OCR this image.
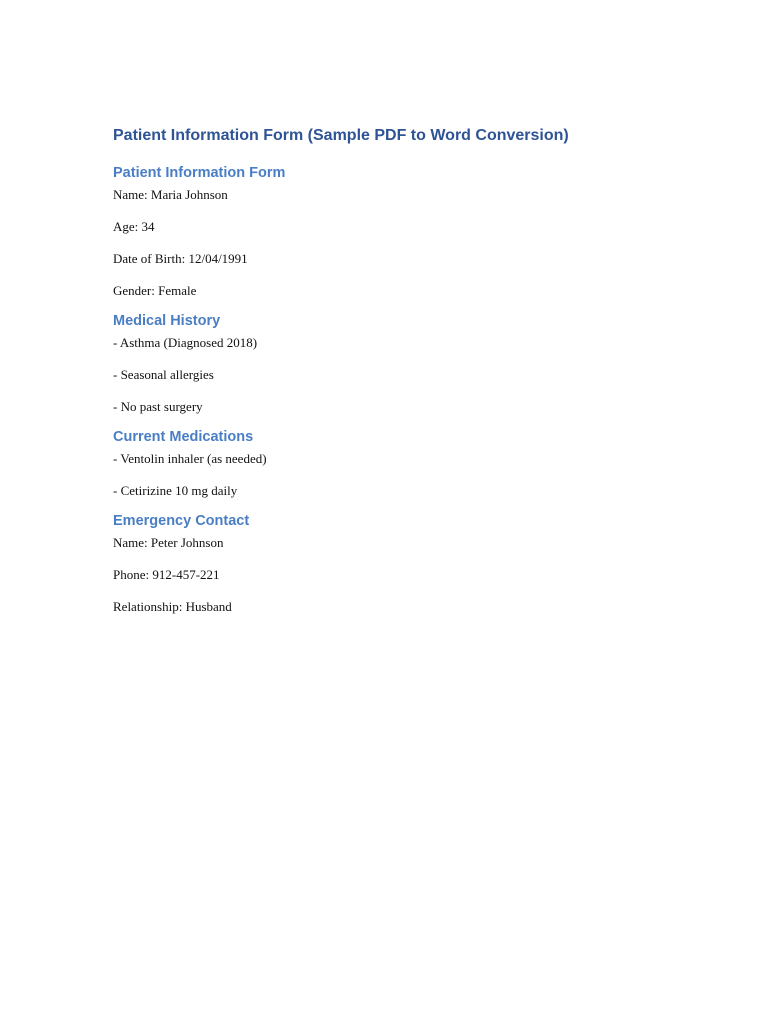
Patient Information Form (Sample PDF to Word Conversion)
Patient Information Form

Name: Maria Johnson

Age: 34

Date of Birth: 12/04/1991

Gender: Female

Medical History

- Asthma (Diagnosed 2018)

- Seasonal allergies

- No past surgery

Current Medications

- Ventolin inhaler (as needed)

- Cetirizine 10 mg daily

Emergency Contact

Name: Peter Johnson

Phone: 912-457-221

Relationship: Husband
